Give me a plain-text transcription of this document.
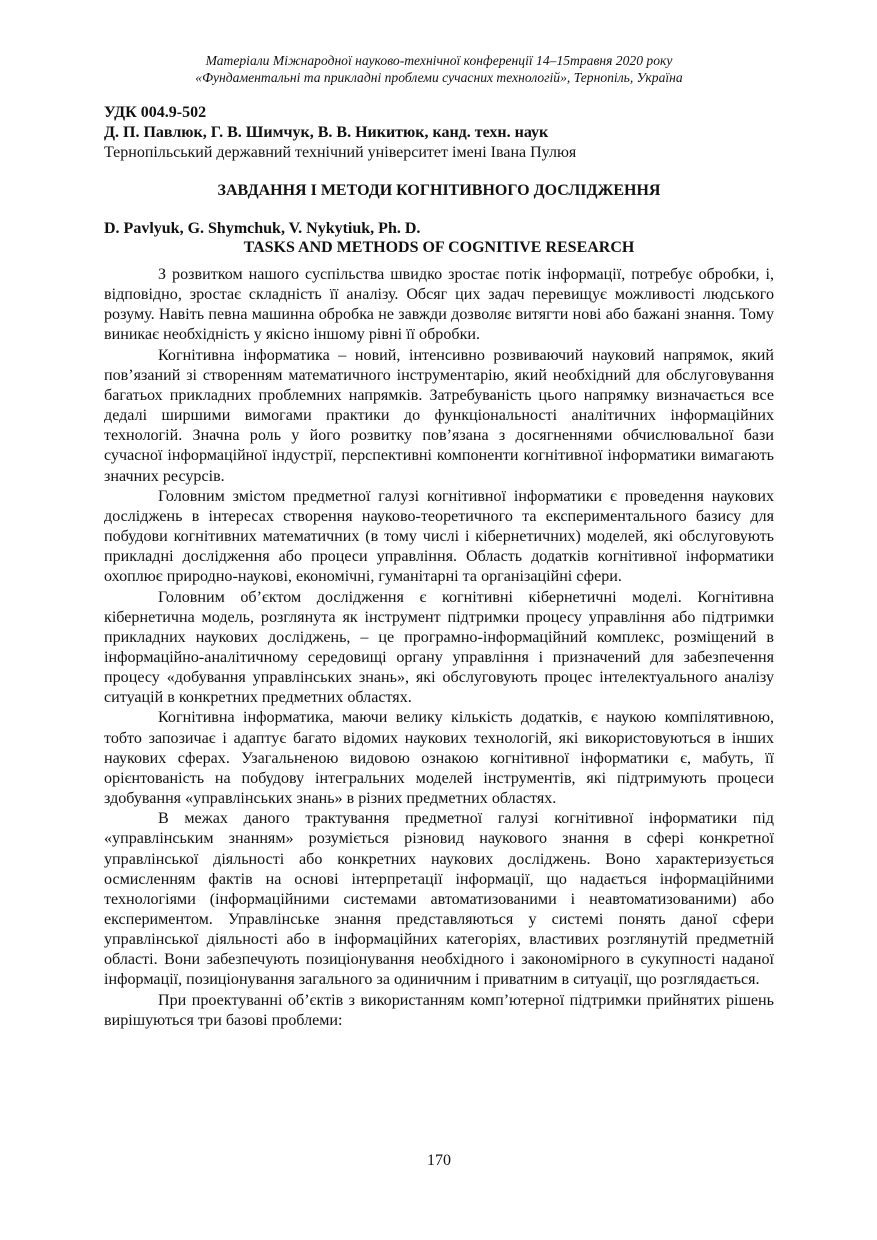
Матеріали Міжнародної науково-технічної конференції 14–15травня 2020 року
«Фундаментальні та прикладні проблеми сучасних технологій», Тернопіль, Україна
УДК 004.9-502
Д. П. Павлюк, Г. В. Шимчук, В. В. Никитюк, канд. техн. наук
Тернопільський державний технічний університет імені Івана Пулюя
ЗАВДАННЯ І МЕТОДИ КОГНІТИВНОГО ДОСЛІДЖЕННЯ
D. Pavlyuk, G. Shymchuk, V. Nykytiuk, Ph. D.
TASKS AND METHODS OF COGNITIVE RESEARCH

З розвитком нашого суспільства швидко зростає потік інформації, потребує обробки, і, відповідно, зростає складність її аналізу. Обсяг цих задач перевищує можливості людського розуму. Навіть певна машинна обробка не завжди дозволяє витягти нові або бажані знання. Тому виникає необхідність у якісно іншому рівні її обробки.

Когнітивна інформатика – новий, інтенсивно розвиваючий науковий напрямок, який пов’язаний зі створенням математичного інструментарію, який необхідний для обслуговування багатьох прикладних проблемних напрямків. Затребуваність цього напрямку визначається все дедалі ширшими вимогами практики до функціональності аналітичних інформаційних технологій. Значна роль у його розвитку пов’язана з досягненнями обчислювальної бази сучасної інформаційної індустрії, перспективні компоненти когнітивної інформатики вимагають значних ресурсів.

Головним змістом предметної галузі когнітивної інформатики є проведення наукових досліджень в інтересах створення науково-теоретичного та експериментального базису для побудови когнітивних математичних (в тому числі і кібернетичних) моделей, які обслуговують прикладні дослідження або процеси управління. Область додатків когнітивної інформатики охоплює природно-наукові, економічні, гуманітарні та організаційні сфери.

Головним об’єктом дослідження є когнітивні кібернетичні моделі. Когнітивна кібернетична модель, розглянута як інструмент підтримки процесу управління або підтримки прикладних наукових досліджень, – це програмно-інформаційний комплекс, розміщений в інформаційно-аналітичному середовищі органу управління і призначений для забезпечення процесу «добування управлінських знань», які обслуговують процес інтелектуального аналізу ситуацій в конкретних предметних областях.

Когнітивна інформатика, маючи велику кількість додатків, є наукою компілятивною, тобто запозичає і адаптує багато відомих наукових технологій, які використовуються в інших наукових сферах. Узагальненою видовою ознакою когнітивної інформатики є, мабуть, її орієнтованість на побудову інтегральних моделей інструментів, які підтримують процеси здобування «управлінських знань» в різних предметних областях.

В межах даного трактування предметної галузі когнітивної інформатики під «управлінським знанням» розуміється різновид наукового знання в сфері конкретної управлінської діяльності або конкретних наукових досліджень. Воно характеризується осмисленням фактів на основі інтерпретації інформації, що надається інформаційними технологіями (інформаційними системами автоматизованими і неавтоматизованими) або експериментом. Управлінське знання представляються у системі понять даної сфери управлінської діяльності або в інформаційних категоріях, властивих розглянутій предметній області. Вони забезпечують позиціонування необхідного і закономірного в сукупності наданої інформації, позиціонування загального за одиничним і приватним в ситуації, що розглядається.

При проектуванні об’єктів з використанням комп’ютерної підтримки прийнятих рішень вирішуються три базові проблеми:

170
